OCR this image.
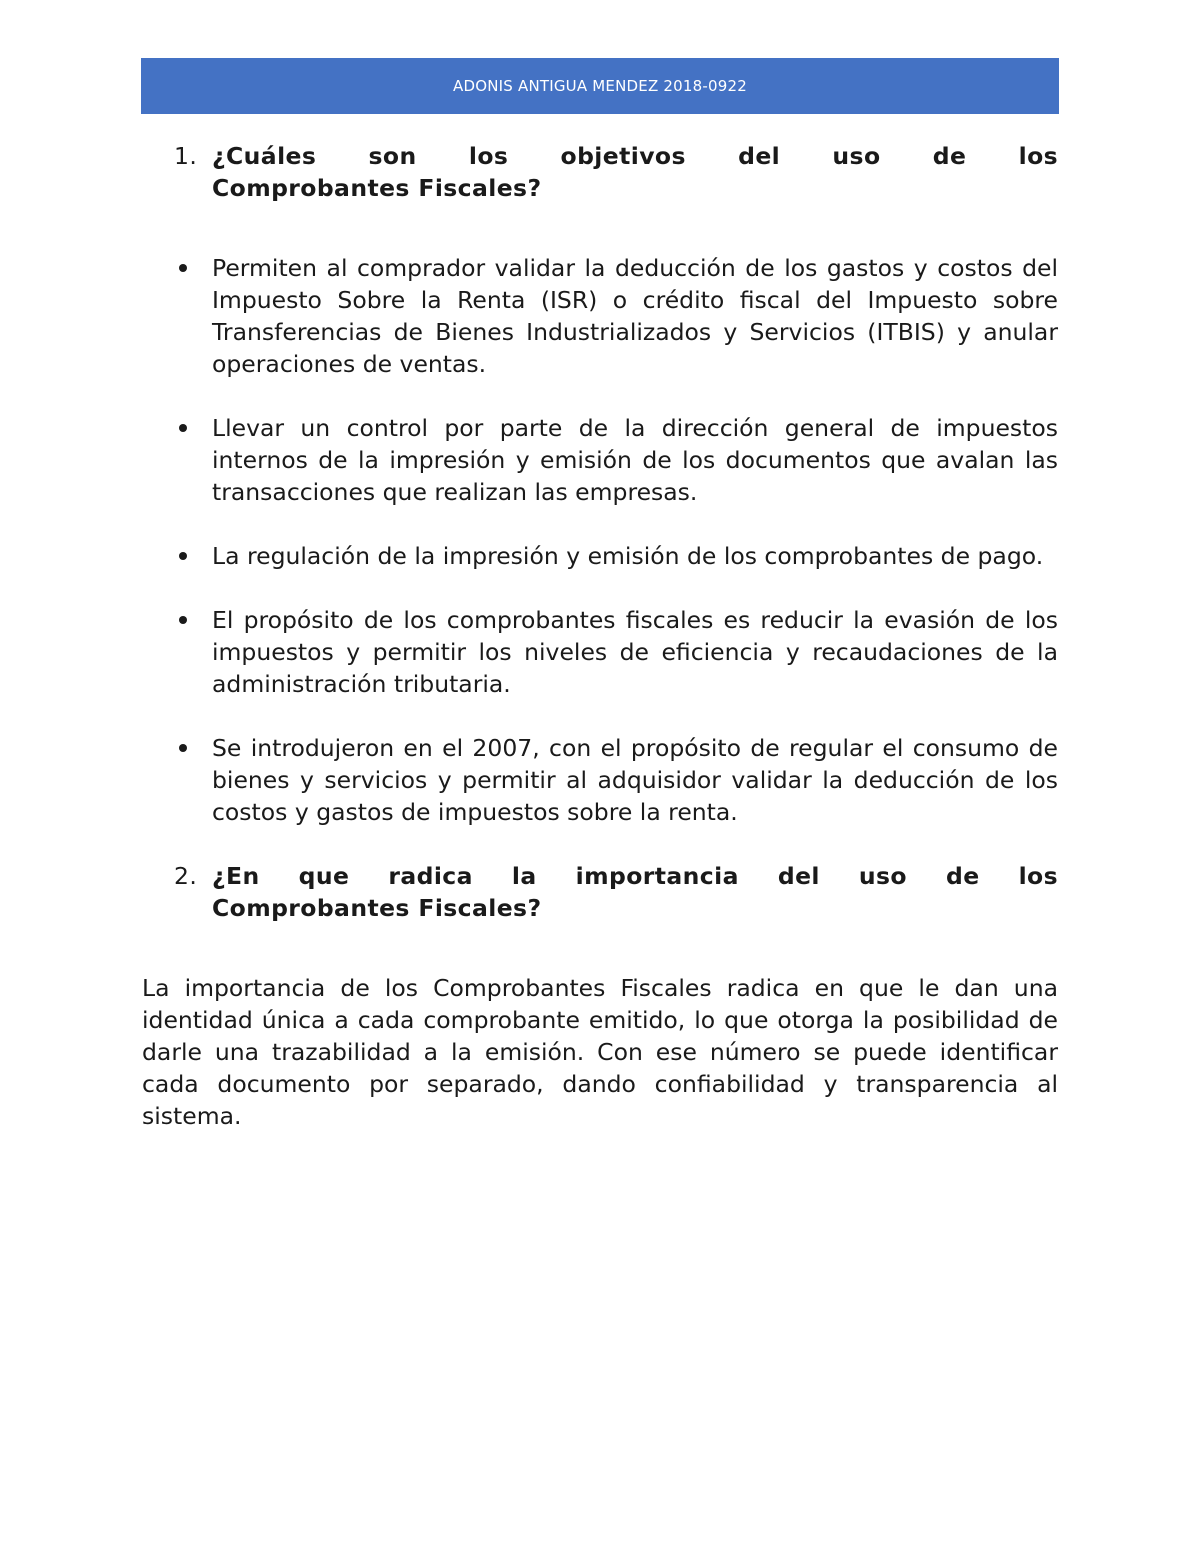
ADONIS ANTIGUA MENDEZ 2018-0922
1. ¿Cuáles son los objetivos del uso de los
Comprobantes Fiscales?
Permiten al comprador validar la deducción de los gastos y costos del Impuesto Sobre la Renta (ISR) o crédito fiscal del Impuesto sobre Transferencias de Bienes Industrializados y Servicios (ITBIS) y anular operaciones de ventas.
Llevar un control por parte de la dirección general de impuestos internos de la impresión y emisión de los documentos que avalan las transacciones que realizan las empresas.
La regulación de la impresión y emisión de los comprobantes de pago.
El propósito de los comprobantes fiscales es reducir la evasión de los impuestos y permitir los niveles de eficiencia y recaudaciones de la administración tributaria.
Se introdujeron en el 2007, con el propósito de regular el consumo de bienes y servicios y permitir al adquisidor validar la deducción de los costos y gastos de impuestos sobre la renta.
2. ¿En que radica la importancia del uso de los
Comprobantes Fiscales?

La importancia de los Comprobantes Fiscales radica en que le dan una identidad única a cada comprobante emitido, lo que otorga la posibilidad de darle una trazabilidad a la emisión. Con ese número se puede identificar cada documento por separado, dando confiabilidad y transparencia al sistema.
